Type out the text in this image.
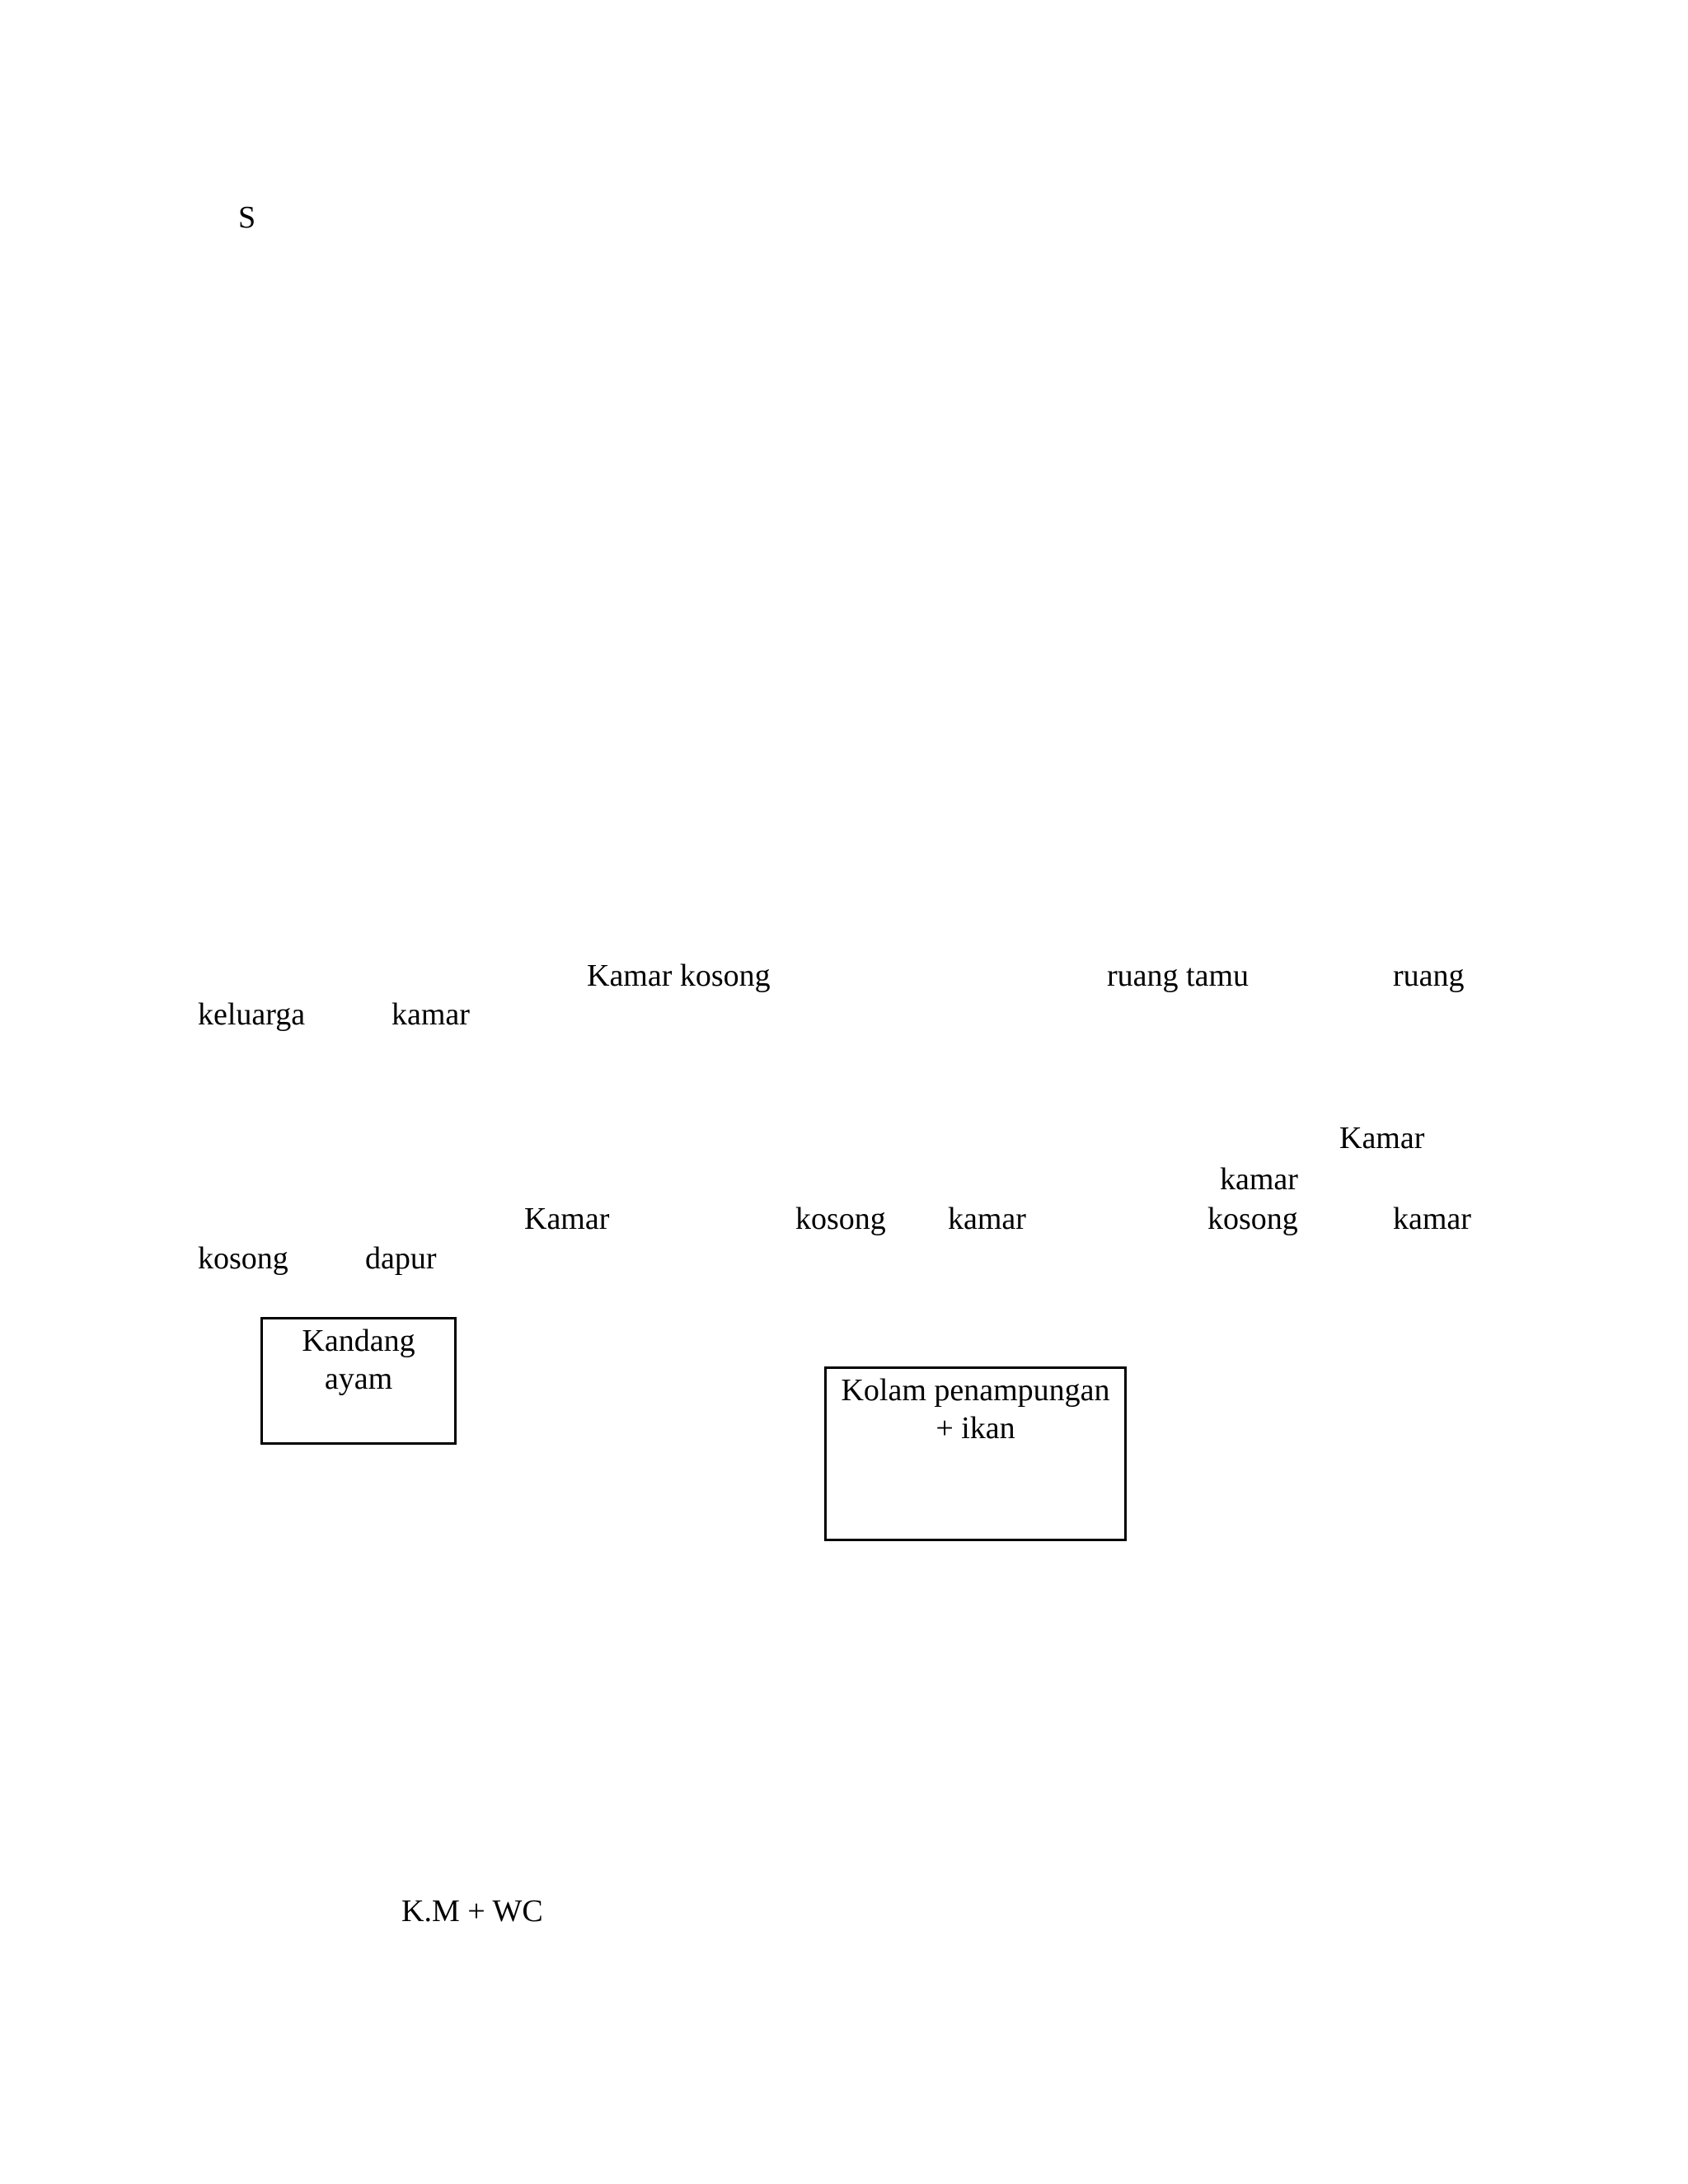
S
Kamar kosong	ruang tamu	ruang
keluarga	kamar
Kamar
kamar
Kamar	kosong kamar	kosong	kamar
kosong dapur
Kandang
ayam	Kolam penampungan
+ ikan
K.M + WC
